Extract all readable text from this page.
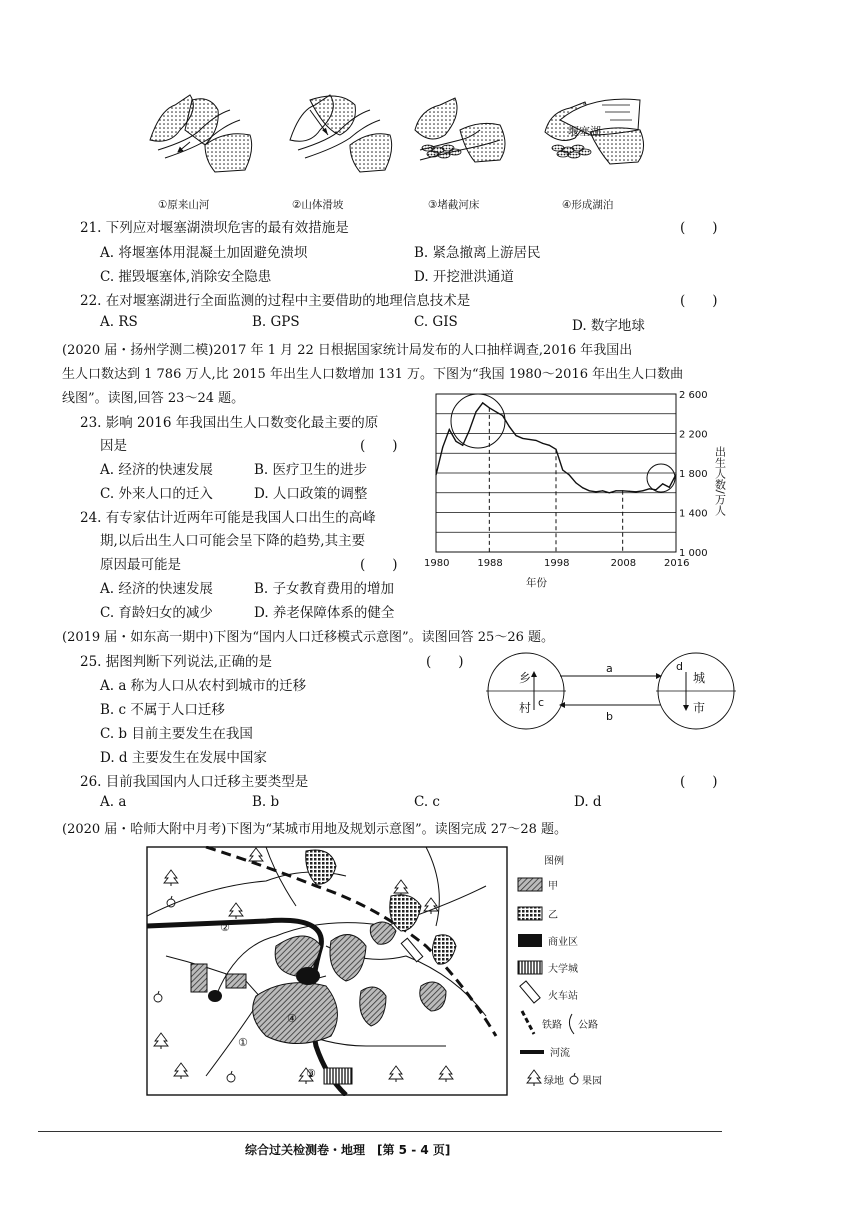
堰塞湖
①原来山河	②山体滑坡	③堵截河床	④形成湖泊
21. 下列应对堰塞湖溃坝危害的最有效措施是	(　　)
A. 将堰塞体用混凝土加固避免溃坝	B. 紧急撤离上游居民
C. 摧毁堰塞体,消除安全隐患	D. 开挖泄洪通道
22. 在对堰塞湖进行全面监测的过程中主要借助的地理信息技术是	(　　)
A. RS	B. GPS	C. GIS	D. 数字地球
(2020 届・扬州学测二模)2017 年 1 月 22 日根据国家统计局发布的人口抽样调查,2016 年我国出
生人口数达到 1 786 万人,比 2015 年出生人口数增加 131 万。下图为“我国 1980～2016 年出生人口数曲
线图”。读图,回答 23～24 题。
23. 影响 2016 年我国出生人口数变化最主要的原
因是	(　　)
A. 经济的快速发展	B. 医疗卫生的进步
C. 外来人口的迁入	D. 人口政策的调整
24. 有专家估计近两年可能是我国人口出生的高峰
期,以后出生人口可能会呈下降的趋势,其主要
原因最可能是	(　　)
A. 经济的快速发展	B. 子女教育费用的增加
C. 育龄妇女的减少	D. 养老保障体系的健全
1 000
1 400
1 800
2 200
2 600
1980	1988	1998	2008	2016
出生人数/万人
年份
(2019 届・如东高一期中)下图为“国内人口迁移模式示意图”。读图回答 25～26 题。
25. 据图判断下列说法,正确的是	(　　)
A. a 称为人口从农村到城市的迁移
B. c 不属于人口迁移
C. b 目前主要发生在我国
D. d 主要发生在发展中国家
乡
村
城
市
a
b
c
d
26. 目前我国国内人口迁移主要类型是	(　　)
A. a	B. b	C. c	D. d
(2020 届・哈师大附中月考)下图为“某城市用地及规划示意图”。读图完成 27～28 题。
②
④
①
③
图例
甲
乙
商业区
大学城
火车站
铁路 公路
河流
绿地 果园
综合过关检测卷・地理　[第 5 - 4 页]
